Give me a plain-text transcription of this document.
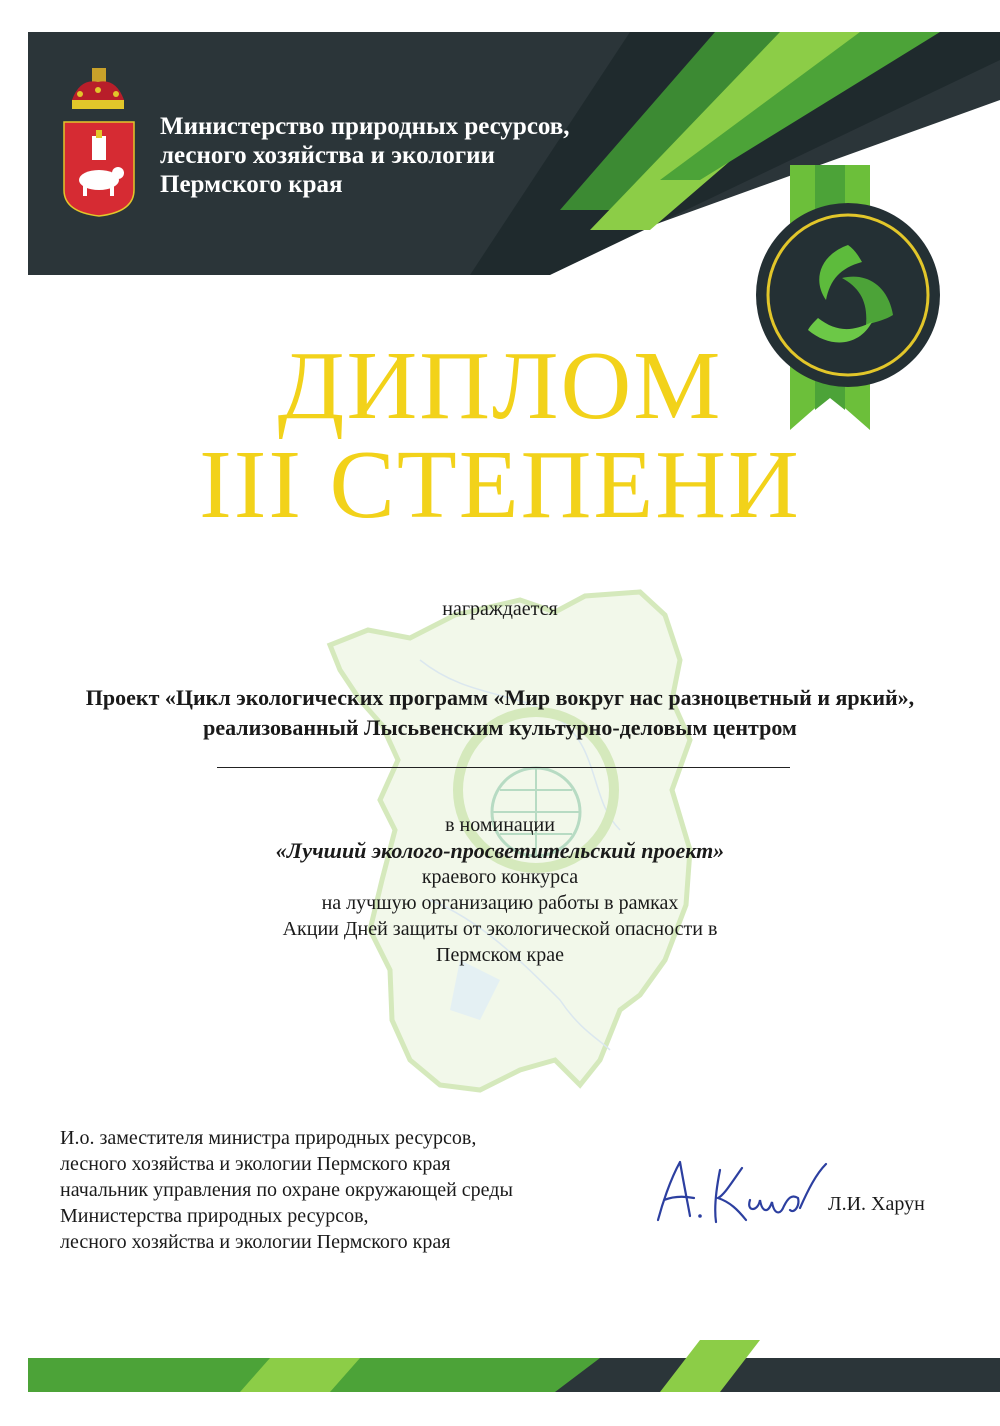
Министерство природных ресурсов,
лесного хозяйства и экологии
Пермского края
ДИПЛОМ
III СТЕПЕНИ
награждается
Проект «Цикл экологических программ «Мир вокруг нас разноцветный и яркий»,
реализованный Лысьвенским культурно-деловым центром
в номинации
«Лучший эколого-просветительский проект»
краевого конкурса
на лучшую организацию работы в рамках
Акции Дней защиты от экологической опасности в
Пермском крае
И.о. заместителя министра природных ресурсов,
лесного хозяйства и экологии Пермского края
начальник управления по охране окружающей среды
Министерства природных ресурсов,
лесного хозяйства и экологии Пермского края
Л.И. Харун
